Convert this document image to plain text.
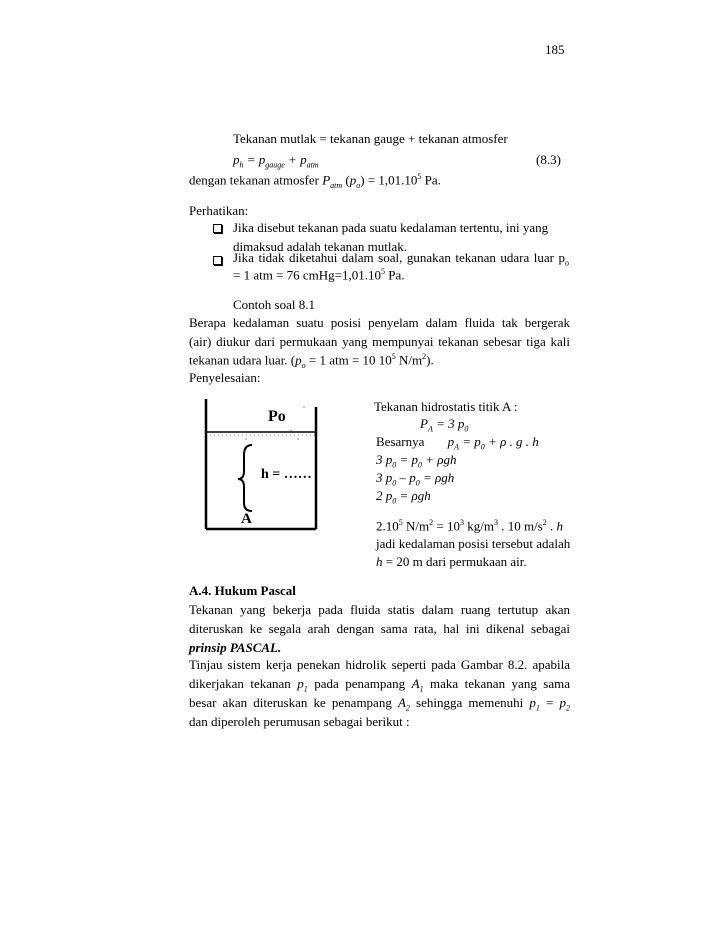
185
Tekanan mutlak = tekanan gauge + tekanan atmosfer
$p_h = p_{gauge} + p_{atm}$	(8.3)
dengan tekanan atmosfer $P_{atm}$ $(p_o) = 1,01.10^5$ Pa.
Perhatikan:
Jika disebut tekanan pada suatu kedalaman tertentu, ini yang
dimaksud adalah tekanan mutlak.
Jika tidak diketahui dalam soal, gunakan tekanan udara luar $p_o$
= 1 atm = 76 $cmHg=1,01.10^5$ Pa.
Contoh soal 8.1
Berapa kedalaman suatu posisi penyelam dalam fluida tak bergerak
(air) diukur dari permukaan yang mempunyai tekanan sebesar tiga kali
tekanan udara luar. ($p_o = 1$ atm = 10 $10^5$ $N/m^2$).
Penyelesaian:
Po
h = ……
A
Tekanan hidrostatis titik A :
$P_A = 3$ $p_0$
Besarnya $p_A = p_0 + \rho$ . g . h
3 $p_0 = p_0 + \rho gh$
3 $p_0 - p_0 = \rho gh$
2 $p_0 = \rho gh$
2.10$^5$ $N/m^2 = 10^3$ $kg/m^3$ . 10 $m/s^2$ . h
jadi kedalaman posisi tersebut adalah
h = 20 m dari permukaan air.
A.4. Hukum Pascal
Tekanan yang bekerja pada fluida statis dalam ruang tertutup akan diteruskan ke segala arah dengan sama rata, hal ini dikenal sebagai prinsip PASCAL.
Tinjau sistem kerja penekan hidrolik seperti pada Gambar 8.2. apabila
dikerjakan tekanan $p_1$ pada penampang $A_1$ maka tekanan yang sama
besar akan diteruskan ke penampang $A_2$ sehingga memenuhi $p_1 = p_2$
dan diperoleh perumusan sebagai berikut :
